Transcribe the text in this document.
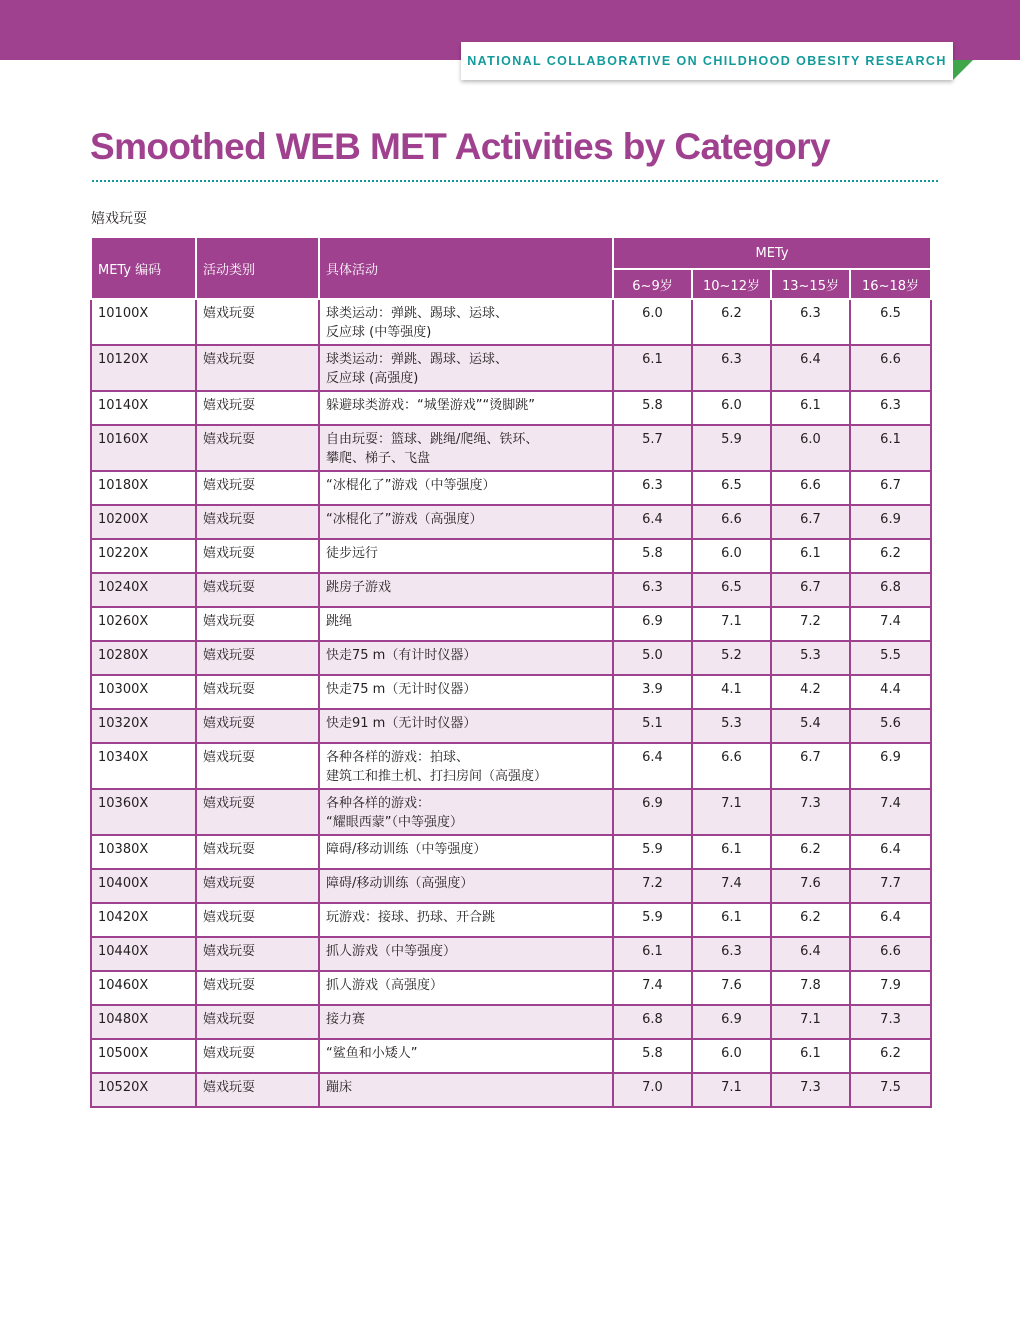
NATIONAL COLLABORATIVE ON CHILDHOOD OBESITY RESEARCH
Smoothed WEB MET Activities by Category
嬉戏玩耍
METy 编码	活动类别	具体活动	METy			
			6~9岁	10~12岁	13~15岁	16~18岁
10100X	嬉戏玩耍	球类运动：弹跳、踢球、运球、
反应球 (中等强度)	6.0	6.2	6.3	6.5
10120X	嬉戏玩耍	球类运动：弹跳、踢球、运球、
反应球 (高强度)	6.1	6.3	6.4	6.6
10140X	嬉戏玩耍	躲避球类游戏：“城堡游戏”“烫脚跳”	5.8	6.0	6.1	6.3
10160X	嬉戏玩耍	自由玩耍：篮球、跳绳/爬绳、铁环、
攀爬、梯子、飞盘	5.7	5.9	6.0	6.1
10180X	嬉戏玩耍	“冰棍化了”游戏（中等强度）	6.3	6.5	6.6	6.7
10200X	嬉戏玩耍	“冰棍化了”游戏（高强度）	6.4	6.6	6.7	6.9
10220X	嬉戏玩耍	徒步远行	5.8	6.0	6.1	6.2
10240X	嬉戏玩耍	跳房子游戏	6.3	6.5	6.7	6.8
10260X	嬉戏玩耍	跳绳	6.9	7.1	7.2	7.4
10280X	嬉戏玩耍	快走75 m（有计时仪器）	5.0	5.2	5.3	5.5
10300X	嬉戏玩耍	快走75 m（无计时仪器）	3.9	4.1	4.2	4.4
10320X	嬉戏玩耍	快走91 m（无计时仪器）	5.1	5.3	5.4	5.6
10340X	嬉戏玩耍	各种各样的游戏：拍球、
建筑工和推土机、打扫房间（高强度）	6.4	6.6	6.7	6.9
10360X	嬉戏玩耍	各种各样的游戏：
“耀眼西蒙”（中等强度）	6.9	7.1	7.3	7.4
10380X	嬉戏玩耍	障碍/移动训练（中等强度）	5.9	6.1	6.2	6.4
10400X	嬉戏玩耍	障碍/移动训练（高强度）	7.2	7.4	7.6	7.7
10420X	嬉戏玩耍	玩游戏：接球、扔球、开合跳	5.9	6.1	6.2	6.4
10440X	嬉戏玩耍	抓人游戏（中等强度）	6.1	6.3	6.4	6.6
10460X	嬉戏玩耍	抓人游戏（高强度）	7.4	7.6	7.8	7.9
10480X	嬉戏玩耍	接力赛	6.8	6.9	7.1	7.3
10500X	嬉戏玩耍	“鲨鱼和小矮人”	5.8	6.0	6.1	6.2
10520X	嬉戏玩耍	蹦床	7.0	7.1	7.3	7.5
